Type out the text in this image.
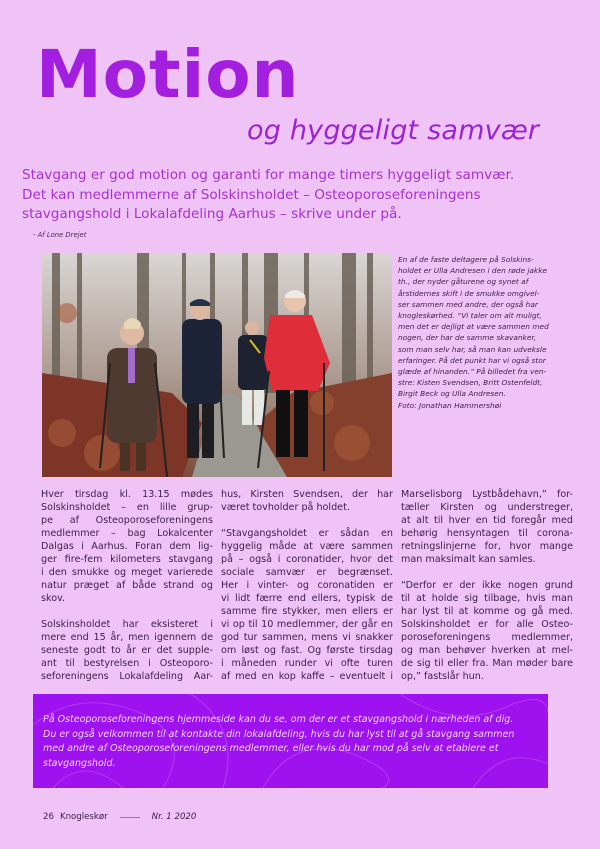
Motion
og hyggeligt samvær
Stavgang er god motion og garanti for mange timers hyggeligt samvær.
Det kan medlemmerne af Solskinsholdet – Osteoporoseforeningens
stavgangshold i Lokalafdeling Aarhus – skrive under på.
- Af Lone Drejet
En af de faste deltagere på Solskins-
holdet er Ulla Andresen i den røde jakke
th., der nyder gåturene og synet af
årstidernes skift i de smukke omgivel-
ser sammen med andre, der også har
knogleskørhed. “Vi taler om alt muligt,
men det er dejligt at være sammen med
nogen, der har de samme skavanker,
som man selv har, så man kan udveksle
erfaringer. På det punkt har vi også stor
glæde af hinanden.” På billedet fra ven-
stre: Kisten Svendsen, Britt Ostenfeldt,
Birgit Beck og Ulla Andresen.
Foto: Jonathan Hammershøi
Hver tirsdag kl. 13.15 mødes
Solskinsholdet – en lille grup-
pe af Osteoporoseforeningens
medlemmer – bag Lokalcenter
Dalgas i Aarhus. Foran dem lig-
ger fire-fem kilometers stavgang
i den smukke og meget varierede
natur præget af både strand og
skov.
Solskinsholdet har eksisteret i
mere end 15 år, men igennem de
seneste godt to år er det supple-
ant til bestyrelsen i Osteoporo-
seforeningens Lokalafdeling Aar-
hus, Kirsten Svendsen, der har
været tovholder på holdet.
“Stavgangsholdet er sådan en
hyggelig måde at være sammen
på – også i coronatider, hvor det
sociale samvær er begrænset.
Her i vinter- og coronatiden er
vi lidt færre end ellers, typisk de
samme fire stykker, men ellers er
vi op til 10 medlemmer, der går en
god tur sammen, mens vi snakker
om løst og fast. Og første tirsdag
i måneden runder vi ofte turen
af med en kop kaffe – eventuelt i
Marselisborg Lystbådehavn,” for-
tæller Kirsten og understreger,
at alt til hver en tid foregår med
behørig hensyntagen til corona-
retningslinjerne for, hvor mange
man maksimalt kan samles.
“Derfor er der ikke nogen grund
til at holde sig tilbage, hvis man
har lyst til at komme og gå med.
Solskinsholdet er for alle Osteo-
poroseforeningens medlemmer,
og man behøver hverken at mel-
de sig til eller fra. Man møder bare
op,” fastslår hun.
På Osteoporoseforeningens hjemmeside kan du se, om der er et stavgangshold i nærheden af dig.
Du er også velkommen til at kontakte din lokalafdeling, hvis du har lyst til at gå stavgang sammen
med andre af Osteoporoseforeningens medlemmer, eller hvis du har mod på selv at etablere et
stavgangshold.
26 Knogleskør	Nr. 1 2020
